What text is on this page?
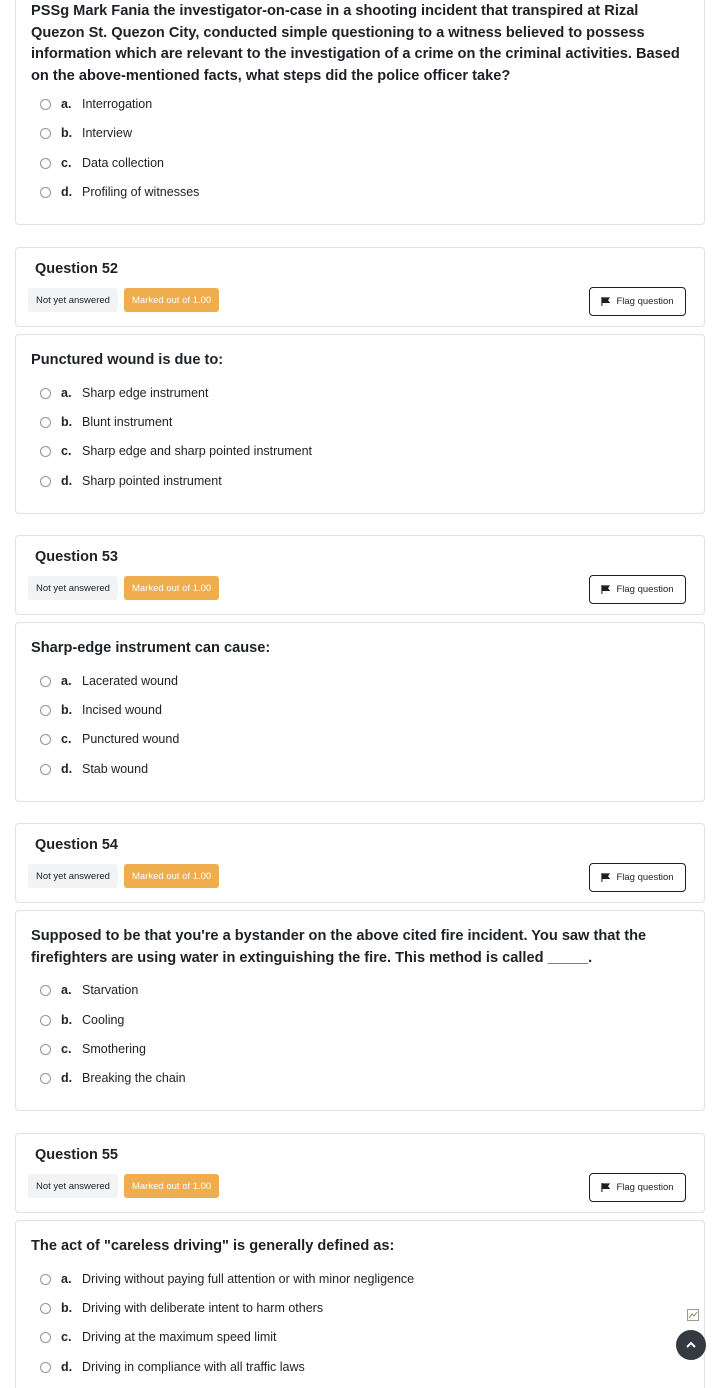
PSSg Mark Fania the investigator-on-case in a shooting incident that transpired at Rizal Quezon St. Quezon City, conducted simple questioning to a witness believed to possess information which are relevant to the investigation of a crime on the criminal activities. Based on the above-mentioned facts, what steps did the police officer take?
a. Interrogation
b. Interview
c. Data collection
d. Profiling of witnesses
Question 52
Not yet answered	Marked out of 1.00	Flag question
Punctured wound is due to:
a. Sharp edge instrument
b. Blunt instrument
c. Sharp edge and sharp pointed instrument
d. Sharp pointed instrument
Question 53
Not yet answered	Marked out of 1.00	Flag question
Sharp-edge instrument can cause:
a. Lacerated wound
b. Incised wound
c. Punctured wound
d. Stab wound
Question 54
Not yet answered	Marked out of 1.00	Flag question
Supposed to be that you're a bystander on the above cited fire incident. You saw that the firefighters are using water in extinguishing the fire. This method is called _____.
a. Starvation
b. Cooling
c. Smothering
d. Breaking the chain
Question 55
Not yet answered	Marked out of 1.00	Flag question
The act of "careless driving" is generally defined as:
a. Driving without paying full attention or with minor negligence
b. Driving with deliberate intent to harm others
c. Driving at the maximum speed limit
d. Driving in compliance with all traffic laws
